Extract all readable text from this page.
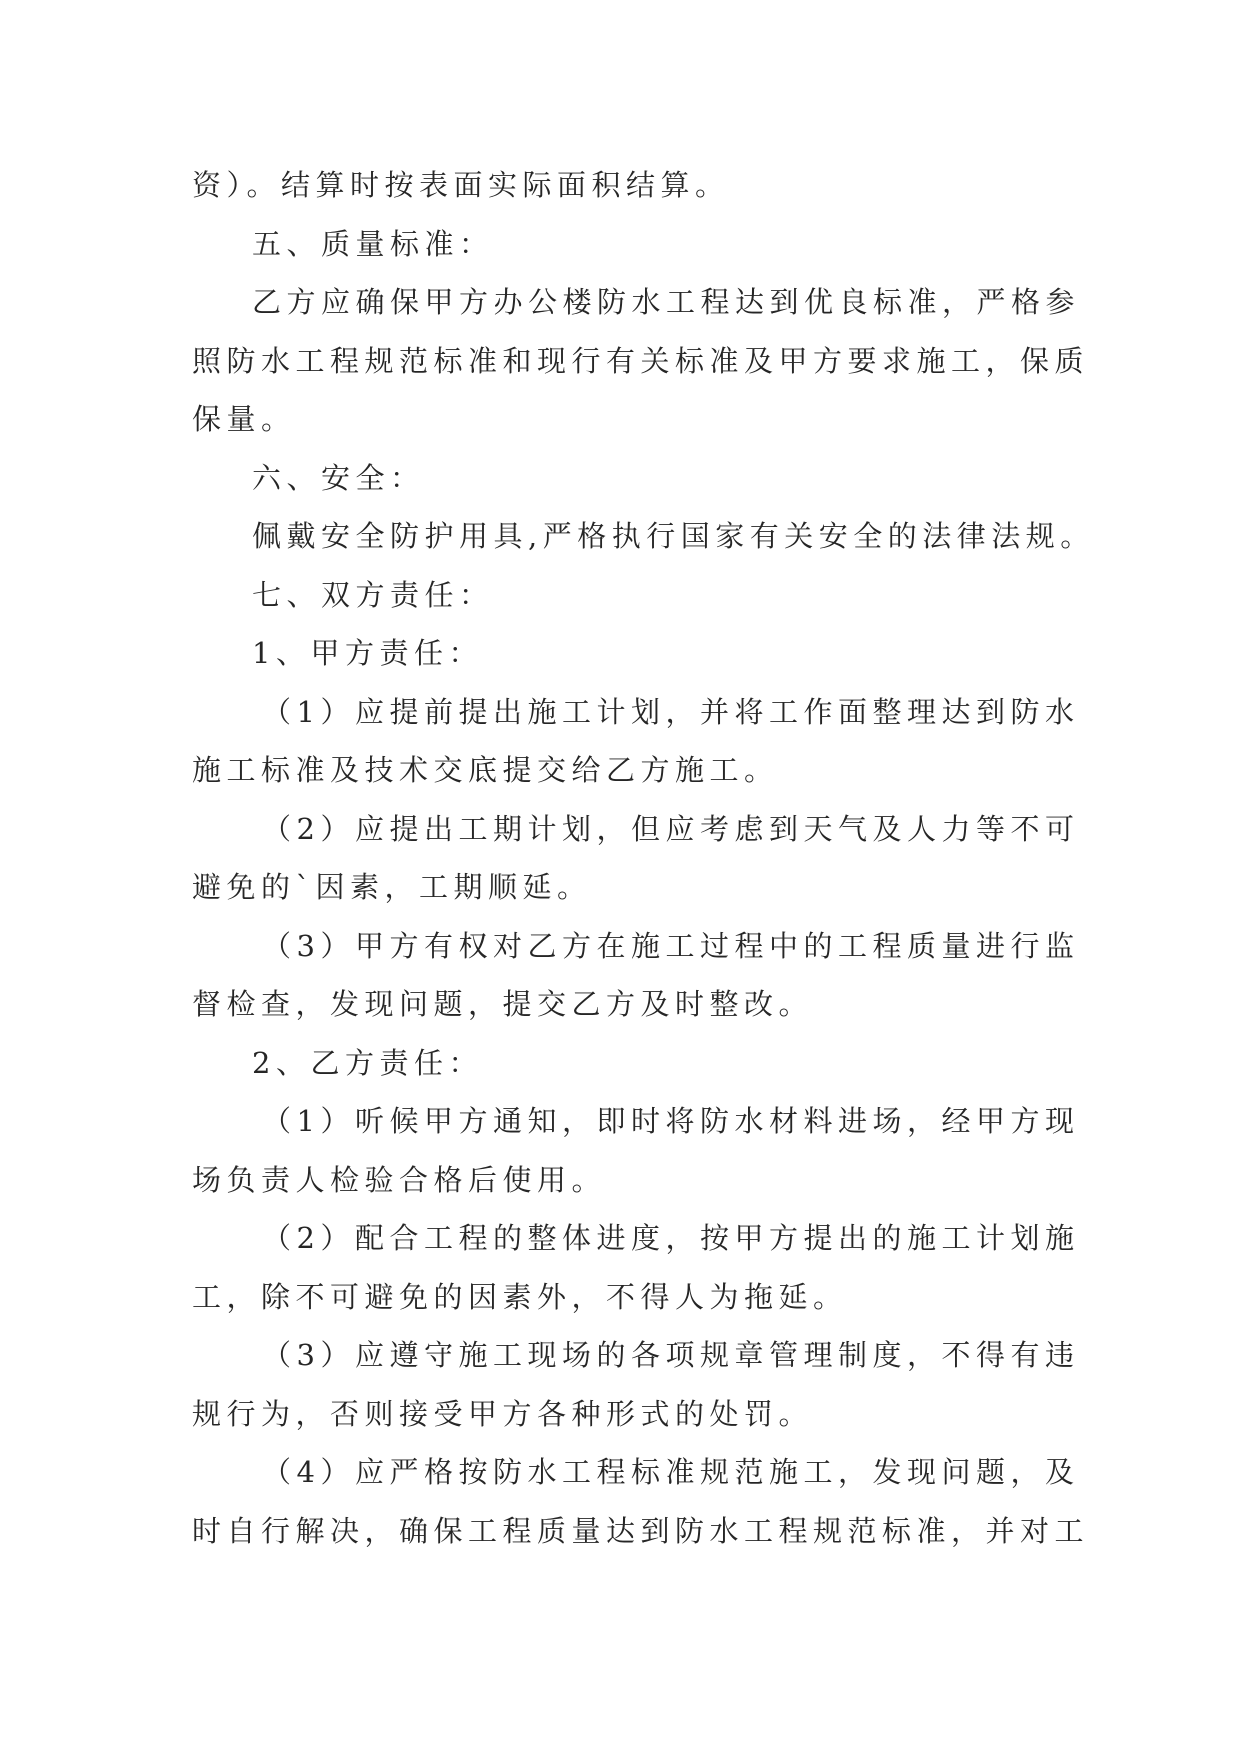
资）。结算时按表面实际面积结算。
五、质量标准：
乙方应确保甲方办公楼防水工程达到优良标准，严格参
照防水工程规范标准和现行有关标准及甲方要求施工，保质
保量。
六、安全：
佩戴安全防护用具,严格执行国家有关安全的法律法规。
七、双方责任：
1、甲方责任：
（1）应提前提出施工计划，并将工作面整理达到防水
施工标准及技术交底提交给乙方施工。
（2）应提出工期计划，但应考虑到天气及人力等不可
避免的`因素，工期顺延。
（3）甲方有权对乙方在施工过程中的工程质量进行监
督检查，发现问题，提交乙方及时整改。
2、乙方责任：
（1）听候甲方通知，即时将防水材料进场，经甲方现
场负责人检验合格后使用。
（2）配合工程的整体进度，按甲方提出的施工计划施
工，除不可避免的因素外，不得人为拖延。
（3）应遵守施工现场的各项规章管理制度，不得有违
规行为，否则接受甲方各种形式的处罚。
（4）应严格按防水工程标准规范施工，发现问题，及
时自行解决，确保工程质量达到防水工程规范标准，并对工
